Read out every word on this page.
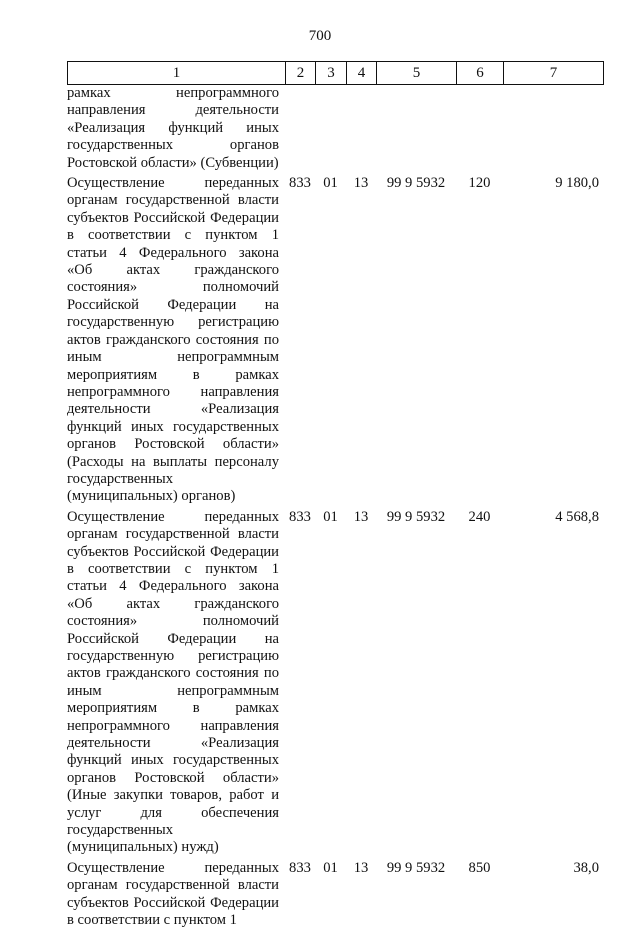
700
1	2	3	4	5	6	7
рамках непрограммного направления деятельности «Реализация функций иных государственных органов Ростовской области» (Субвенции)						
Осуществление переданных органам государственной власти субъектов Российской Федерации в соответствии с пунктом 1 статьи 4 Федерального закона «Об актах гражданского состояния» полномочий Российской Федерации на государственную регистрацию актов гражданского состояния по иным непрограммным мероприятиям в рамках непрограммного направления деятельности «Реализация функций иных государственных органов Ростовской области» (Расходы на выплаты персоналу государственных (муниципальных) органов)	833	01	13	99 9 5932	120	9 180,0
Осуществление переданных органам государственной власти субъектов Российской Федерации в соответствии с пунктом 1 статьи 4 Федерального закона «Об актах гражданского состояния» полномочий Российской Федерации на государственную регистрацию актов гражданского состояния по иным непрограммным мероприятиям в рамках непрограммного направления деятельности «Реализация функций иных государственных органов Ростовской области» (Иные закупки товаров, работ и услуг для обеспечения государственных (муниципальных) нужд)	833	01	13	99 9 5932	240	4 568,8
Осуществление переданных органам государственной власти субъектов Российской Федерации в соответствии с пунктом 1	833	01	13	99 9 5932	850	38,0
